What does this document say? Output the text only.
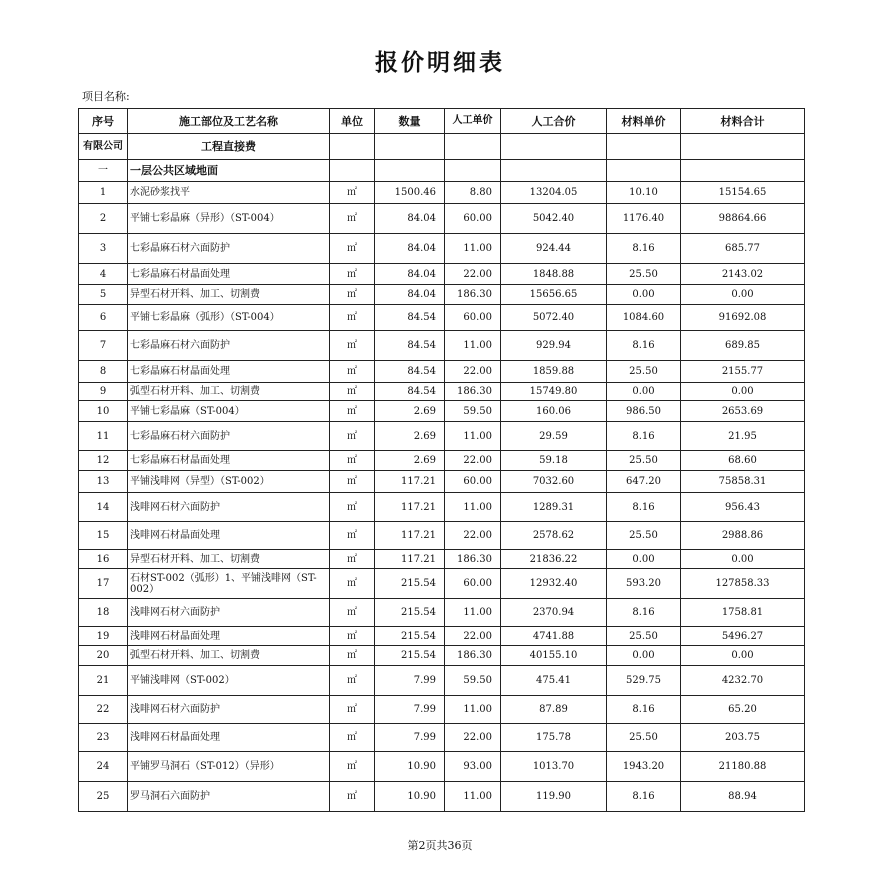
报价明细表
项目名称:
序号	施工部位及工艺名称	单位	数量	人工单价	人工合价	材料单价	材料合计
有限公司	工程直接费						
一	一层公共区域地面						
1	水泥砂浆找平	㎡	1500.46	8.80	13204.05	10.10	15154.65
2	平铺七彩晶麻（异形）（ST-004）	㎡	84.04	60.00	5042.40	1176.40	98864.66
3	七彩晶麻石材六面防护	㎡	84.04	11.00	924.44	8.16	685.77
4	七彩晶麻石材晶面处理	㎡	84.04	22.00	1848.88	25.50	2143.02
5	异型石材开料、加工、切割费	㎡	84.04	186.30	15656.65	0.00	0.00
6	平铺七彩晶麻（弧形）（ST-004）	㎡	84.54	60.00	5072.40	1084.60	91692.08
7	七彩晶麻石材六面防护	㎡	84.54	11.00	929.94	8.16	689.85
8	七彩晶麻石材晶面处理	㎡	84.54	22.00	1859.88	25.50	2155.77
9	弧型石材开料、加工、切割费	㎡	84.54	186.30	15749.80	0.00	0.00
10	平铺七彩晶麻（ST-004）	㎡	2.69	59.50	160.06	986.50	2653.69
11	七彩晶麻石材六面防护	㎡	2.69	11.00	29.59	8.16	21.95
12	七彩晶麻石材晶面处理	㎡	2.69	22.00	59.18	25.50	68.60
13	平铺浅啡网（异型）（ST-002）	㎡	117.21	60.00	7032.60	647.20	75858.31
14	浅啡网石材六面防护	㎡	117.21	11.00	1289.31	8.16	956.43
15	浅啡网石材晶面处理	㎡	117.21	22.00	2578.62	25.50	2988.86
16	异型石材开料、加工、切割费	㎡	117.21	186.30	21836.22	0.00	0.00
17	石材ST-002（弧形）1、平铺浅啡网（ST-002）	㎡	215.54	60.00	12932.40	593.20	127858.33
18	浅啡网石材六面防护	㎡	215.54	11.00	2370.94	8.16	1758.81
19	浅啡网石材晶面处理	㎡	215.54	22.00	4741.88	25.50	5496.27
20	弧型石材开料、加工、切割费	㎡	215.54	186.30	40155.10	0.00	0.00
21	平铺浅啡网（ST-002）	㎡	7.99	59.50	475.41	529.75	4232.70
22	浅啡网石材六面防护	㎡	7.99	11.00	87.89	8.16	65.20
23	浅啡网石材晶面处理	㎡	7.99	22.00	175.78	25.50	203.75
24	平铺罗马洞石（ST-012）（异形）	㎡	10.90	93.00	1013.70	1943.20	21180.88
25	罗马洞石六面防护	㎡	10.90	11.00	119.90	8.16	88.94
第2页共36页
